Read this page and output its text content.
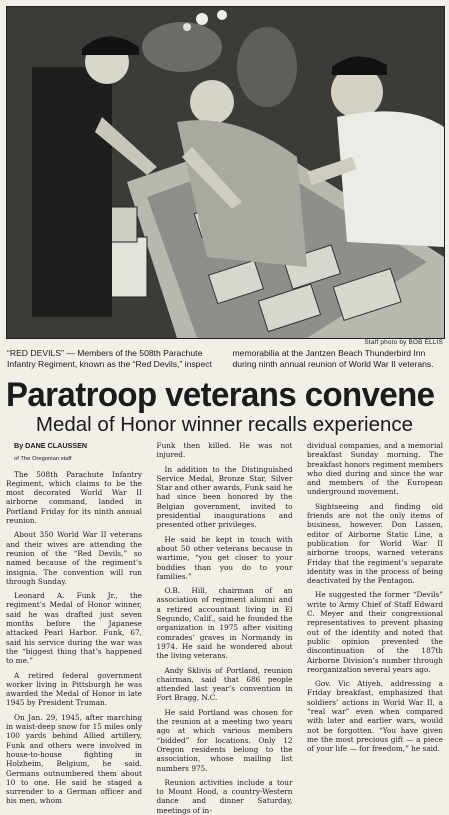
Staff photo by BOB ELLIS
“RED DEVILS” — Members of the 508th Parachute Infantry Regiment, known as the “Red Devils,” inspect memorabilia at the Jantzen Beach Thunderbird Inn during ninth annual reunion of World War II veterans.
Paratroop veterans convene
Medal of Honor winner recalls experience

By DANE CLAUSSEN

of The Oregonian staff

The 508th Parachute Infantry Regiment, which claims to be the most decorated World War II airborne command, landed in Portland Friday for its ninth annual reunion.

About 350 World War II veterans and their wives are attending the reunion of the “Red Devils,” so named because of the regiment’s insignia. The convention will run through Sunday.

Leonard A. Funk Jr., the regiment’s Medal of Honor winner, said he was drafted just seven months before the Japanese attacked Pearl Harbor. Funk, 67, said his service during the war was the “biggest thing that’s happened to me.”

A retired federal government worker living in Pittsburgh he was awarded the Medal of Honor in late 1945 by President Truman.

On Jan. 29, 1945, after marching in waist-deep snow for 15 miles only 100 yards behind Allied artillery, Funk and others were involved in house-to-house fighting in Holzheim, Belgium, he said. Germans outnumbered them about 10 to one. He said he staged a surrender to a German officer and his men, whom

Funk then killed. He was not injured.

In addition to the Distinguished Service Medal, Bronze Star, Silver Star and other awards, Funk said he had since been honored by the Belgian government, invited to presidential inaugurations and presented other privileges.

He said he kept in touch with about 50 other veterans because in wartime, “you get closer to your buddies than you do to your families.”

O.B. Hill, chairman of an association of regiment alumni and a retired accountant living in El Segundo, Calif., said he founded the organization in 1975 after visiting comrades’ graves in Normandy in 1974. He said he wondered about the living veterans.

Andy Sklivis of Portland, reunion chairman, said that 686 people attended last year’s convention in Fort Bragg, N.C.

He said Portland was chosen for the reunion at a meeting two years ago at which various members “bidded” for locations. Only 12 Oregon residents belong to the association, whose mailing list numbers 975.

Reunion activities include a tour to Mount Hood, a country-Western dance and dinner Saturday, meetings of in-

dividual companies, and a memorial breakfast Sunday morning. The breakfast honors regiment members who died during and since the war and members of the European underground movement.

Sightseeing and finding old friends are not the only items of business, however. Don Lassen, editor of Airborne Static Line, a publication for World War II airborne troops, warned veterans Friday that the regiment’s separate identity was in the process of being deactivated by the Pentagon.

He suggested the former “Devils” write to Army Chief of Staff Edward C. Meyer and their congressional representatives to prevent phasing out of the identity and noted that public opinion prevented the discontinuation of the 187th Airborne Division’s number through reorganization several years ago.

Gov. Vic Atiyeh, addressing a Friday breakfast, emphasized that soldiers’ actions in World War II, a “real war” even when compared with later and earlier wars, would not be forgotten. “You have given me the most precious gift — a piece of your life — for freedom,” he said.
